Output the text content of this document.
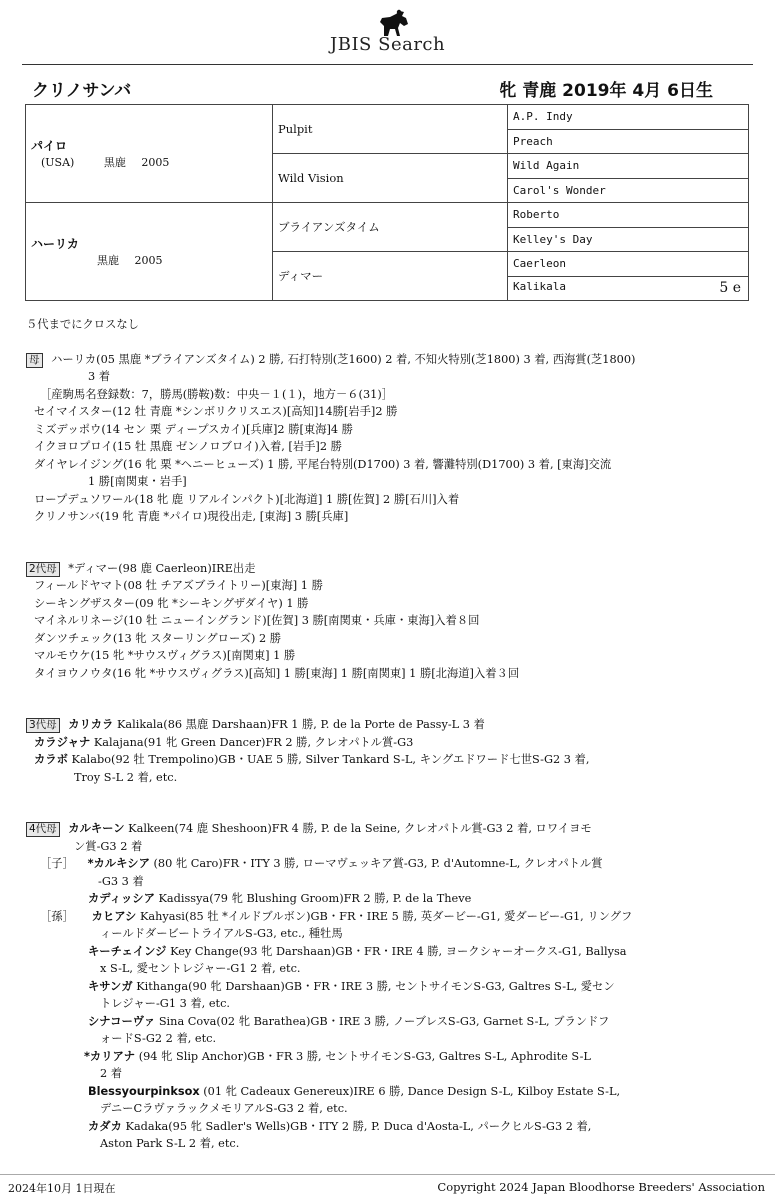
JBIS Search
クリノサンバ	牝 青鹿 2019年 4月 6日生
パイロ
(USA) 黒鹿 2005	Pulpit	A.P. Indy
		Preach
	Wild Vision	Wild Again
		Carol's Wonder

ハーリカ
黒鹿 2005	ブライアンズタイム	Roberto
		Kelley's Day
	ディマー	Caerleon
		Kalikala 5 e

５代までにクロスなし

母 ハーリカ(05 黒鹿 *ブライアンズタイム) 2 勝, 石打特別(芝1600) 2 着, 不知火特別(芝1800) 3 着, 西海賞(芝1800)

3 着

［産駒馬名登録数：7，勝馬(勝鞍)数：中央－１(１)，地方－６(31)］

セイマイスター(12 牡 青鹿 *シンボリクリスエス)[高知]14勝[岩手]2 勝

ミズデッポウ(14 セン 栗 ディープスカイ)[兵庫]2 勝[東海]4 勝

イクヨロプロイ(15 牡 黒鹿 ゼンノロブロイ)入着, [岩手]2 勝

ダイヤレイジング(16 牝 栗 *ヘニーヒューズ) 1 勝, 平尾台特別(D1700) 3 着, 響灘特別(D1700) 3 着, [東海]交流

1 勝[南関東・岩手]

ロープデュソワール(18 牝 鹿 リアルインパクト)[北海道] 1 勝[佐賀] 2 勝[石川]入着

クリノサンバ(19 牝 青鹿 *パイロ)現役出走, [東海] 3 勝[兵庫]

2代母 *ディマー(98 鹿 Caerleon)IRE出走

フィールドヤマト(08 牡 チアズブライトリー)[東海] 1 勝

シーキングザスター(09 牝 *シーキングザダイヤ) 1 勝

マイネルリネージ(10 牡 ニューイングランド)[佐賀] 3 勝[南関東・兵庫・東海]入着８回

ダンツチェック(13 牝 スターリングローズ) 2 勝

マルモウケ(15 牝 *サウスヴィグラス)[南関東] 1 勝

タイヨウノウタ(16 牝 *サウスヴィグラス)[高知] 1 勝[東海] 1 勝[南関東] 1 勝[北海道]入着３回

3代母 カリカラ Kalikala(86 黒鹿 Darshaan)FR 1 勝, P. de la Porte de Passy-L 3 着

カラジャナ Kalajana(91 牝 Green Dancer)FR 2 勝, クレオパトル賞-G3

カラボ Kalabo(92 牡 Trempolino)GB・UAE 5 勝, Silver Tankard S-L, キングエドワード七世S-G2 3 着,

Troy S-L 2 着, etc.

4代母 カルキーン Kalkeen(74 鹿 Sheshoon)FR 4 勝, P. de la Seine, クレオパトル賞-G3 2 着, ロワイヨモ

ン賞-G3 2 着

［子］ *カルキシア (80 牝 Caro)FR・ITY 3 勝, ローマヴェッキア賞-G3, P. d'Automne-L, クレオパトル賞

-G3 3 着

カディッシア Kadissya(79 牝 Blushing Groom)FR 2 勝, P. de la Theve

［孫］ カヒアシ Kahyasi(85 牡 *イルドブルボン)GB・FR・IRE 5 勝, 英ダービー-G1, 愛ダービー-G1, リングフ

ィールドダービートライアルS-G3, etc., 種牡馬

キーチェインジ Key Change(93 牝 Darshaan)GB・FR・IRE 4 勝, ヨークシャーオークス-G1, Ballysa

x S-L, 愛セントレジャー-G1 2 着, etc.

キサンガ Kithanga(90 牝 Darshaan)GB・FR・IRE 3 勝, セントサイモンS-G3, Galtres S-L, 愛セン

トレジャー-G1 3 着, etc.

シナコーヴァ Sina Cova(02 牝 Barathea)GB・IRE 3 勝, ノーブレスS-G3, Garnet S-L, ブランドフ

ォードS-G2 2 着, etc.

*カリアナ (94 牝 Slip Anchor)GB・FR 3 勝, セントサイモンS-G3, Galtres S-L, Aphrodite S-L

2 着

Blessyourpinksox (01 牝 Cadeaux Genereux)IRE 6 勝, Dance Design S-L, Kilboy Estate S-L,

デニーCラヴァラックメモリアルS-G3 2 着, etc.

カダカ Kadaka(95 牝 Sadler's Wells)GB・ITY 2 勝, P. Duca d'Aosta-L, パークヒルS-G3 2 着,

Aston Park S-L 2 着, etc.

2024年10月 1日現在	Copyright 2024 Japan Bloodhorse Breeders' Association
